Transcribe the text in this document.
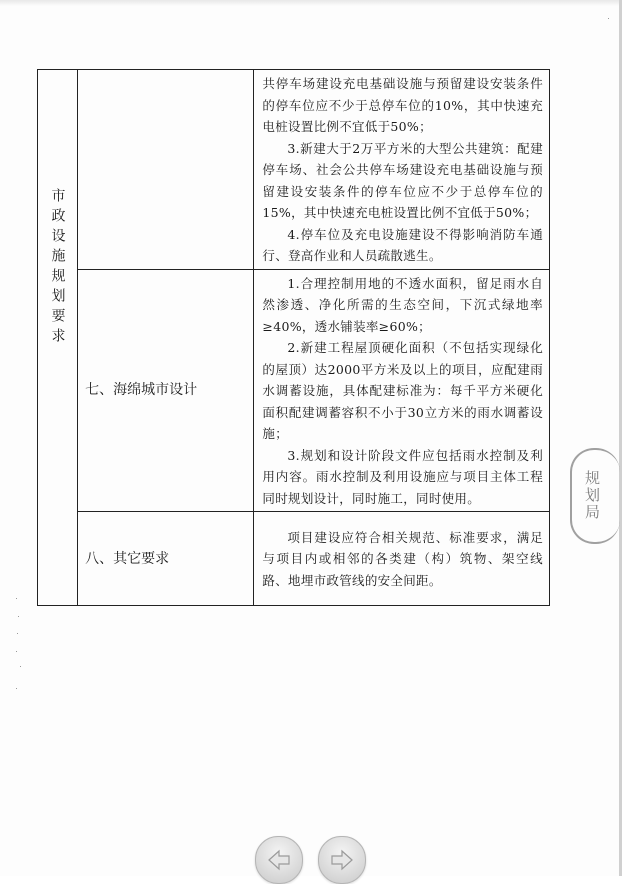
市政设施规划要求		共停车场建设充电基础设施与预留建设安装条件的停车位应不少于总停车位的10%，其中快速充电桩设置比例不宜低于50%；

3.新建大于2万平方米的大型公共建筑：配建停车场、社会公共停车场建设充电基础设施与预留建设安装条件的停车位应不少于总停车位的15%，其中快速充电桩设置比例不宜低于50%；

4.停车位及充电设施建设不得影响消防车通行、登高作业和人员疏散逃生。

	七、海绵城市设计	1.合理控制用地的不透水面积，留足雨水自然渗透、净化所需的生态空间，下沉式绿地率≥40%，透水铺装率≥60%；

2.新建工程屋顶硬化面积（不包括实现绿化的屋顶）达2000平方米及以上的项目，应配建雨水调蓄设施，具体配建标准为：每千平方米硬化面积配建调蓄容积不小于30立方米的雨水调蓄设施；

3.规划和设计阶段文件应包括雨水控制及利用内容。雨水控制及利用设施应与项目主体工程同时规划设计，同时施工，同时使用。

	八、其它要求	项目建设应符合相关规范、标准要求，满足与项目内或相邻的各类建（构）筑物、架空线路、地埋市政管线的安全间距。

规划局
